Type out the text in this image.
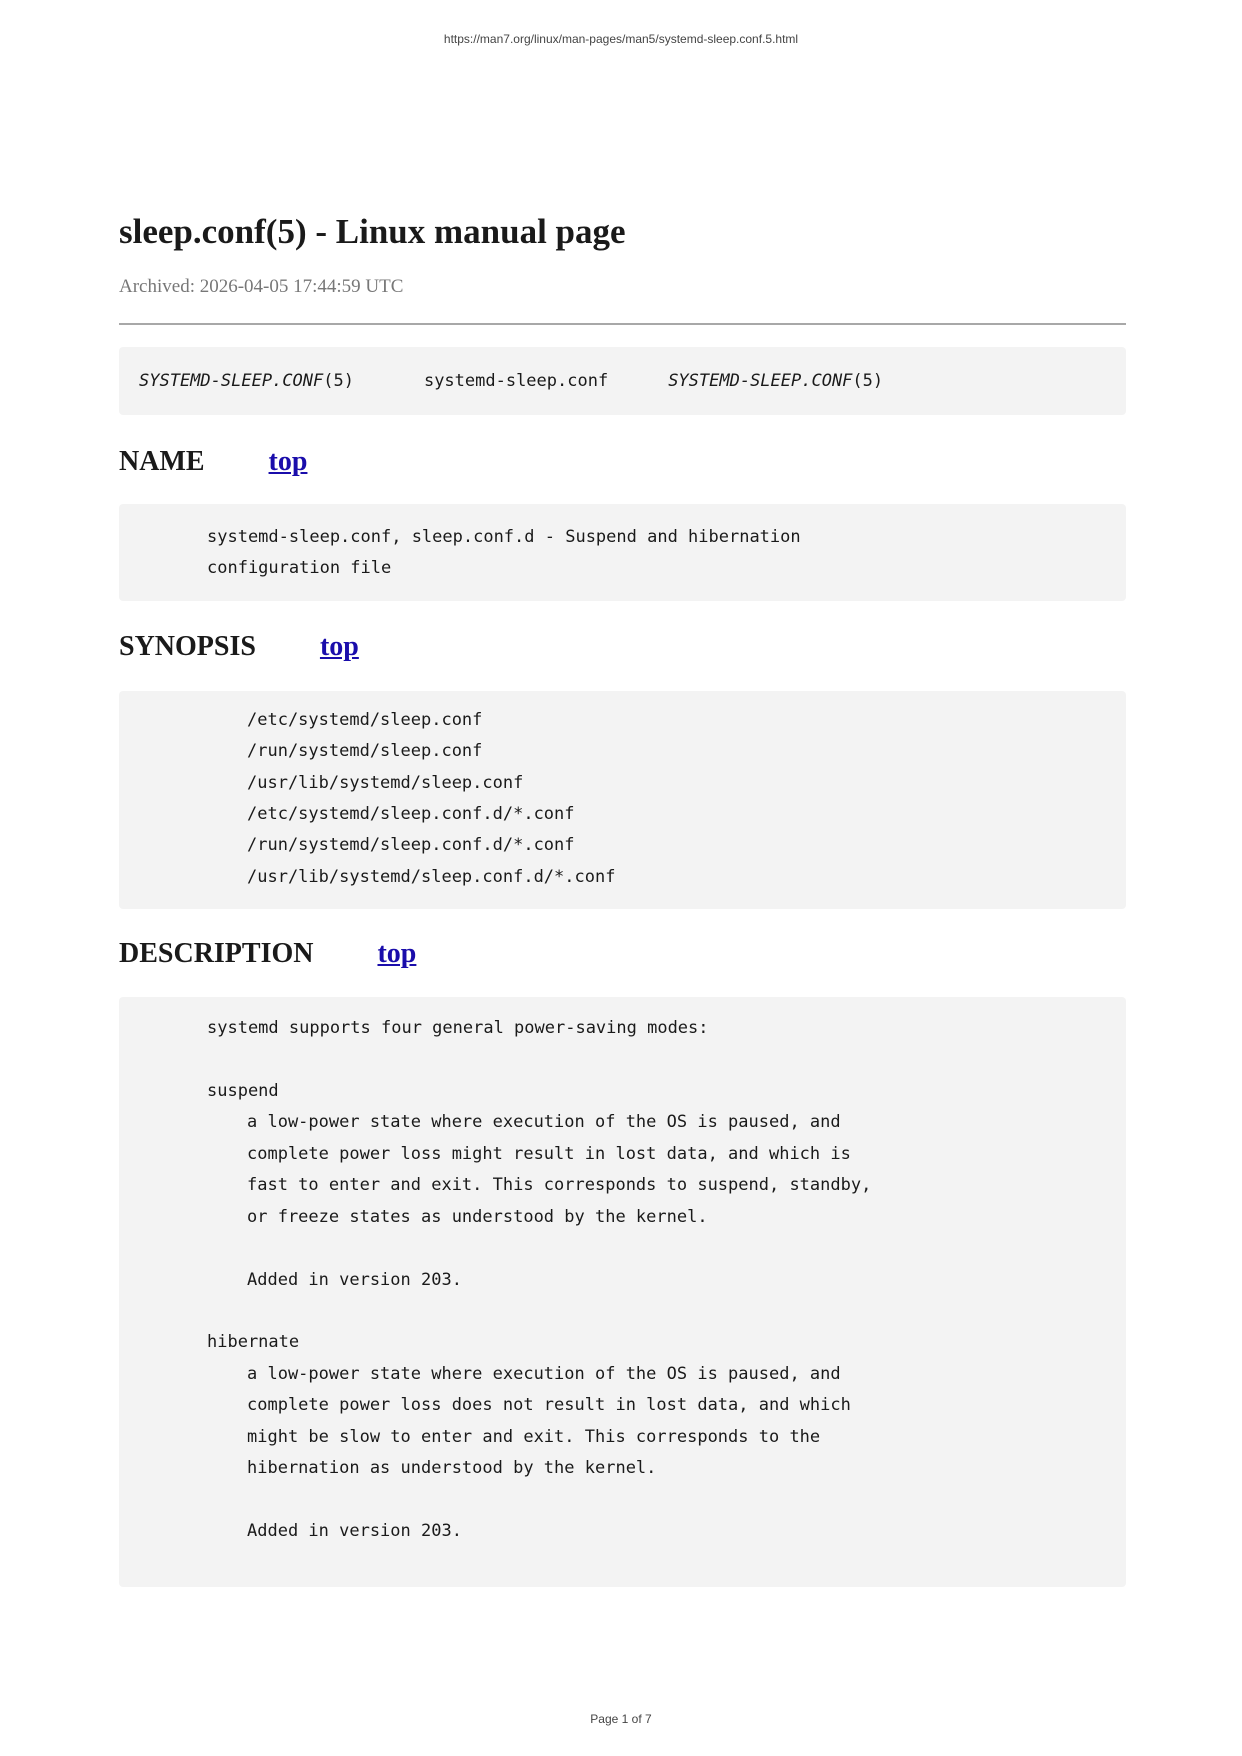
https://man7.org/linux/man-pages/man5/systemd-sleep.conf.5.html
sleep.conf(5) - Linux manual page
Archived: 2026-04-05 17:44:59 UTC
SYSTEMD-SLEEP.CONF (5)	systemd-sleep.conf	SYSTEMD-SLEEP.CONF (5)
NAME top
systemd-sleep.conf, sleep.conf.d - Suspend and hibernation
configuration file
SYNOPSIS top
/etc/systemd/sleep.conf
/run/systemd/sleep.conf
/usr/lib/systemd/sleep.conf
/etc/systemd/sleep.conf.d/*.conf
/run/systemd/sleep.conf.d/*.conf
/usr/lib/systemd/sleep.conf.d/*.conf
DESCRIPTION top
systemd supports four general power-saving modes:

suspend

a low-power state where execution of the OS is paused, and
complete power loss might result in lost data, and which is
fast to enter and exit. This corresponds to suspend, standby,
or freeze states as understood by the kernel.

Added in version 203.

hibernate

a low-power state where execution of the OS is paused, and
complete power loss does not result in lost data, and which
might be slow to enter and exit. This corresponds to the
hibernation as understood by the kernel.

Added in version 203.
Page 1 of 7
